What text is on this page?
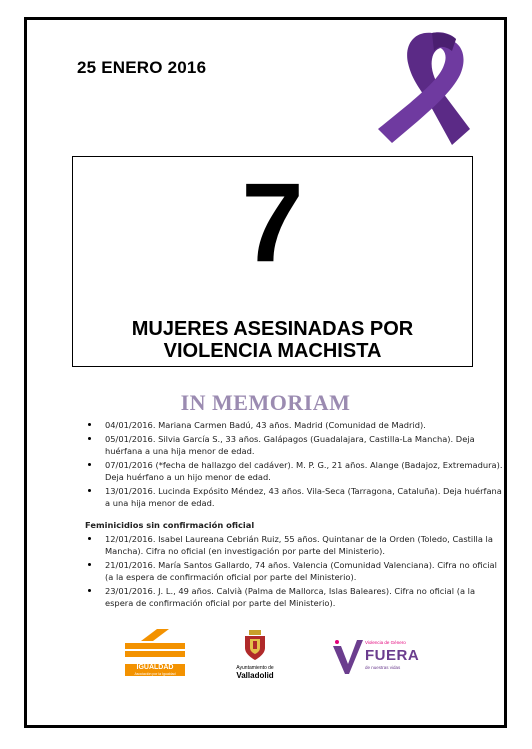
25 ENERO 2016
7
MUJERES ASESINADAS POR
VIOLENCIA MACHISTA
IN MEMORIAM
04/01/2016. Mariana Carmen Badú, 43 años. Madrid (Comunidad de Madrid).
05/01/2016. Silvia García S., 33 años. Galápagos (Guadalajara, Castilla-La Mancha). Deja huérfana a una hija menor de edad.
07/01/2016 (*fecha de hallazgo del cadáver). M. P. G., 21 años. Alange (Badajoz, Extremadura). Deja huérfano a un hijo menor de edad.
13/01/2016. Lucinda Expósito Méndez, 43 años. Vila-Seca (Tarragona, Cataluña). Deja huérfana a una hija menor de edad.
Feminicidios sin confirmación oficial
12/01/2016. Isabel Laureana Cebrián Ruiz, 55 años. Quintanar de la Orden (Toledo, Castilla la Mancha). Cifra no oficial (en investigación por parte del Ministerio).
21/01/2016. María Santos Gallardo, 74 años. Valencia (Comunidad Valenciana). Cifra no oficial (a la espera de confirmación oficial por parte del Ministerio).
23/01/2016. J. L., 49 años. Calvià (Palma de Mallorca, Islas Baleares). Cifra no oficial (a la espera de confirmación oficial por parte del Ministerio).
IGUALDAD
Asociación por la Igualdad
Ayuntamiento de
Valladolid
Violencia de Género
FUERA
de nuestras vidas
